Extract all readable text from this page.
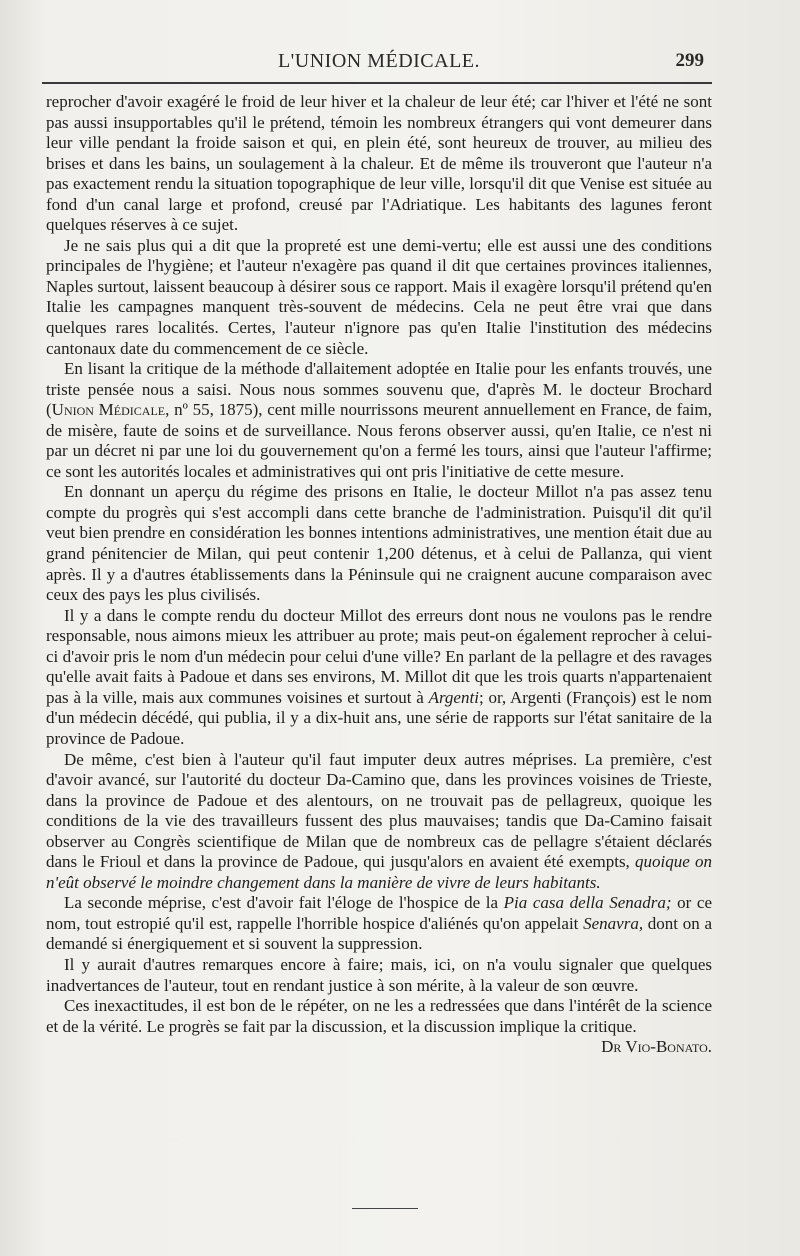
L'UNION MÉDICALE.	299

reprocher d'avoir exagéré le froid de leur hiver et la chaleur de leur été; car l'hiver et l'été ne sont pas aussi insupportables qu'il le prétend, témoin les nombreux étrangers qui vont demeurer dans leur ville pendant la froide saison et qui, en plein été, sont heureux de trouver, au milieu des brises et dans les bains, un soulagement à la chaleur. Et de même ils trouveront que l'auteur n'a pas exactement rendu la situation topographique de leur ville, lorsqu'il dit que Venise est située au fond d'un canal large et profond, creusé par l'Adriatique. Les habitants des lagunes feront quelques réserves à ce sujet.

Je ne sais plus qui a dit que la propreté est une demi-vertu; elle est aussi une des conditions principales de l'hygiène; et l'auteur n'exagère pas quand il dit que certaines provinces italiennes, Naples surtout, laissent beaucoup à désirer sous ce rapport. Mais il exagère lorsqu'il prétend qu'en Italie les campagnes manquent très-souvent de médecins. Cela ne peut être vrai que dans quelques rares localités. Certes, l'auteur n'ignore pas qu'en Italie l'institution des médecins cantonaux date du commencement de ce siècle.

En lisant la critique de la méthode d'allaitement adoptée en Italie pour les enfants trouvés, une triste pensée nous a saisi. Nous nous sommes souvenu que, d'après M. le docteur Brochard (Union Médicale, nº 55, 1875), cent mille nourrissons meurent annuellement en France, de faim, de misère, faute de soins et de surveillance. Nous ferons observer aussi, qu'en Italie, ce n'est ni par un décret ni par une loi du gouvernement qu'on a fermé les tours, ainsi que l'auteur l'affirme; ce sont les autorités locales et administratives qui ont pris l'initiative de cette mesure.

En donnant un aperçu du régime des prisons en Italie, le docteur Millot n'a pas assez tenu compte du progrès qui s'est accompli dans cette branche de l'administration. Puisqu'il dit qu'il veut bien prendre en considération les bonnes intentions administratives, une mention était due au grand pénitencier de Milan, qui peut contenir 1,200 détenus, et à celui de Pallanza, qui vient après. Il y a d'autres établissements dans la Péninsule qui ne craignent aucune comparaison avec ceux des pays les plus civilisés.

Il y a dans le compte rendu du docteur Millot des erreurs dont nous ne voulons pas le rendre responsable, nous aimons mieux les attribuer au prote; mais peut-on également reprocher à celui-ci d'avoir pris le nom d'un médecin pour celui d'une ville? En parlant de la pellagre et des ravages qu'elle avait faits à Padoue et dans ses environs, M. Millot dit que les trois quarts n'appartenaient pas à la ville, mais aux communes voisines et surtout à Argenti; or, Argenti (François) est le nom d'un médecin décédé, qui publia, il y a dix-huit ans, une série de rapports sur l'état sanitaire de la province de Padoue.

De même, c'est bien à l'auteur qu'il faut imputer deux autres méprises. La première, c'est d'avoir avancé, sur l'autorité du docteur Da-Camino que, dans les provinces voisines de Trieste, dans la province de Padoue et des alentours, on ne trouvait pas de pellagreux, quoique les conditions de la vie des travailleurs fussent des plus mauvaises; tandis que Da-Camino faisait observer au Congrès scientifique de Milan que de nombreux cas de pellagre s'étaient déclarés dans le Frioul et dans la province de Padoue, qui jusqu'alors en avaient été exempts, quoique on n'eût observé le moindre changement dans la manière de vivre de leurs habitants.

La seconde méprise, c'est d'avoir fait l'éloge de l'hospice de la Pia casa della Senadra; or ce nom, tout estropié qu'il est, rappelle l'horrible hospice d'aliénés qu'on appelait Senavra, dont on a demandé si énergiquement et si souvent la suppression.

Il y aurait d'autres remarques encore à faire; mais, ici, on n'a voulu signaler que quelques inadvertances de l'auteur, tout en rendant justice à son mérite, à la valeur de son œuvre.

Ces inexactitudes, il est bon de le répéter, on ne les a redressées que dans l'intérêt de la science et de la vérité. Le progrès se fait par la discussion, et la discussion implique la critique.
Dr Vio-Bonato.
